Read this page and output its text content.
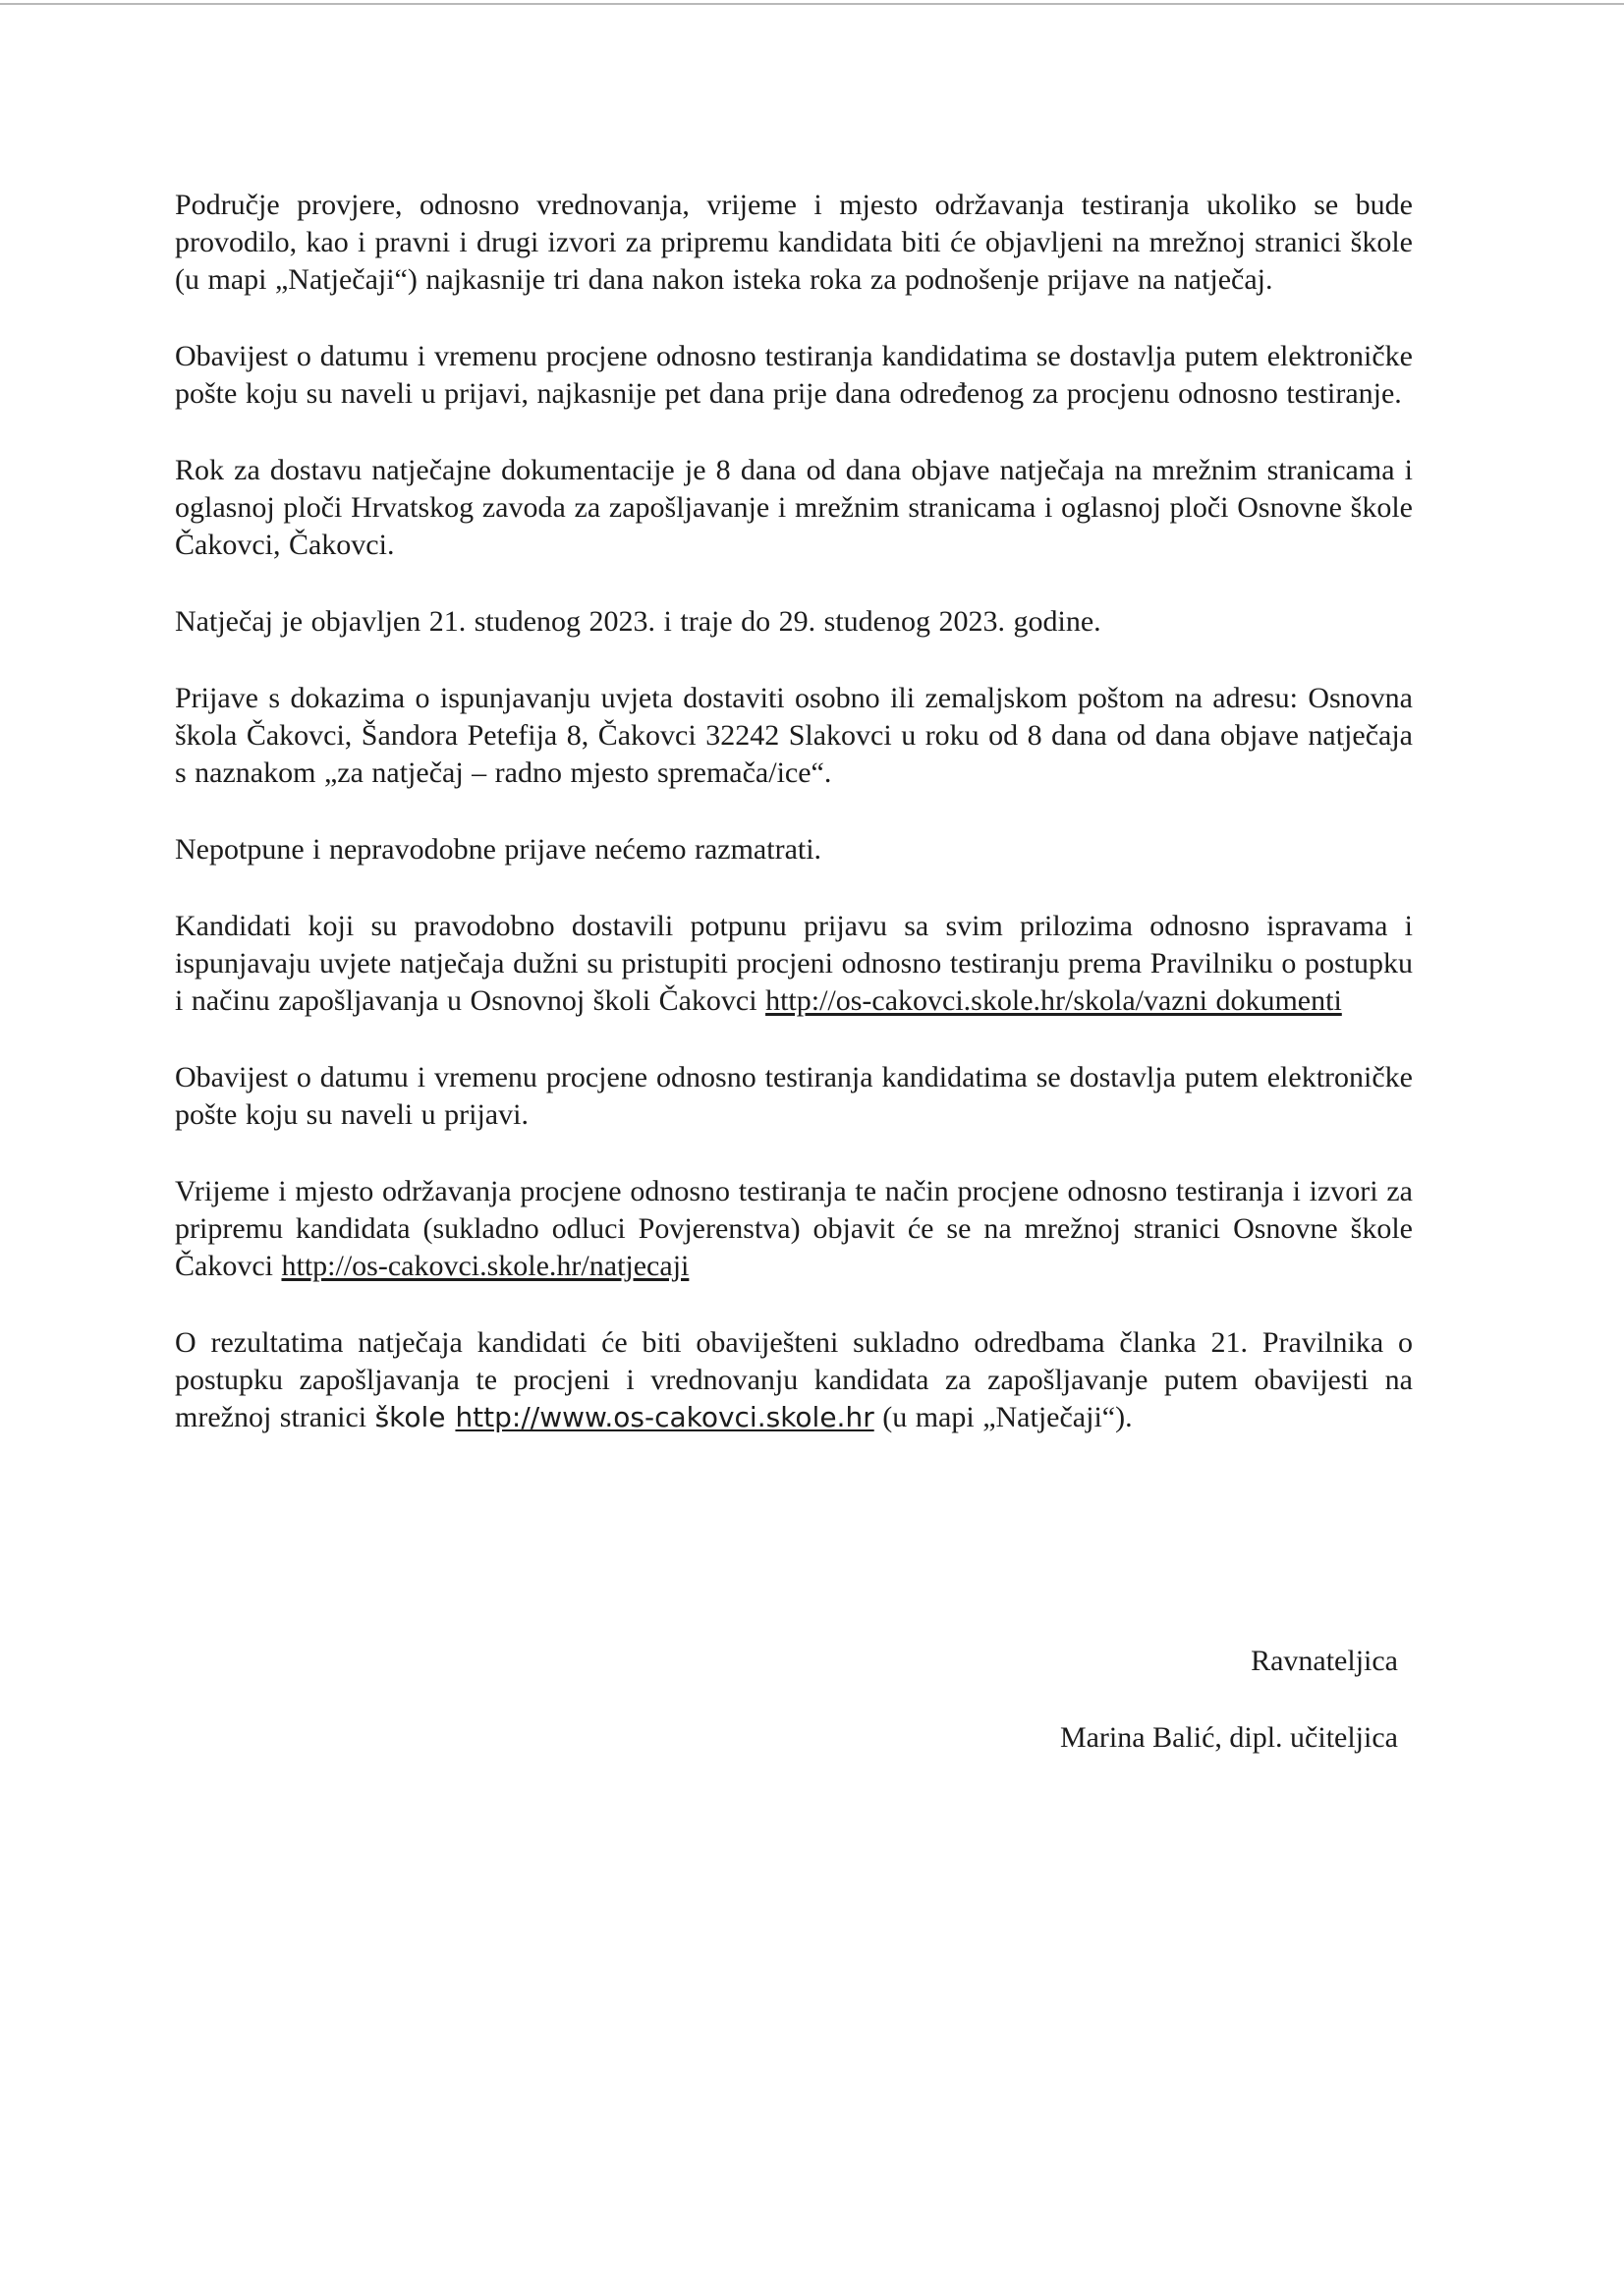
Područje provjere, odnosno vrednovanja, vrijeme i mjesto održavanja testiranja ukoliko se bude provodilo, kao i pravni i drugi izvori za pripremu kandidata biti će objavljeni na mrežnoj stranici škole (u mapi „Natječaji“) najkasnije tri dana nakon isteka roka za podnošenje prijave na natječaj.

Obavijest o datumu i vremenu procjene odnosno testiranja kandidatima se dostavlja putem elektroničke pošte koju su naveli u prijavi, najkasnije pet dana prije dana određenog za procjenu odnosno testiranje.

Rok za dostavu natječajne dokumentacije je 8 dana od dana objave natječaja na mrežnim stranicama i oglasnoj ploči Hrvatskog zavoda za zapošljavanje i mrežnim stranicama i oglasnoj ploči Osnovne škole Čakovci, Čakovci.

Natječaj je objavljen 21. studenog 2023. i traje do 29. studenog 2023. godine.

Prijave s dokazima o ispunjavanju uvjeta dostaviti osobno ili zemaljskom poštom na adresu: Osnovna škola Čakovci, Šandora Petefija 8, Čakovci 32242 Slakovci u roku od 8 dana od dana objave natječaja s naznakom „za natječaj – radno mjesto spremača/ice“.

Nepotpune i nepravodobne prijave nećemo razmatrati.

Kandidati koji su pravodobno dostavili potpunu prijavu sa svim prilozima odnosno ispravama i ispunjavaju uvjete natječaja dužni su pristupiti procjeni odnosno testiranju prema Pravilniku o postupku i načinu zapošljavanja u Osnovnoj školi Čakovci http://os-cakovci.skole.hr/skola/vazni dokumenti

Obavijest o datumu i vremenu procjene odnosno testiranja kandidatima se dostavlja putem elektroničke pošte koju su naveli u prijavi.

Vrijeme i mjesto održavanja procjene odnosno testiranja te način procjene odnosno testiranja i izvori za pripremu kandidata (sukladno odluci Povjerenstva) objavit će se na mrežnoj stranici Osnovne škole Čakovci http://os-cakovci.skole.hr/natjecaji

O rezultatima natječaja kandidati će biti obaviješteni sukladno odredbama članka 21. Pravilnika o postupku zapošljavanja te procjeni i vrednovanju kandidata za zapošljavanje putem obavijesti na mrežnoj stranici škole http://www.os-cakovci.skole.hr (u mapi „Natječaji“).

Ravnateljica
Marina Balić, dipl. učiteljica
